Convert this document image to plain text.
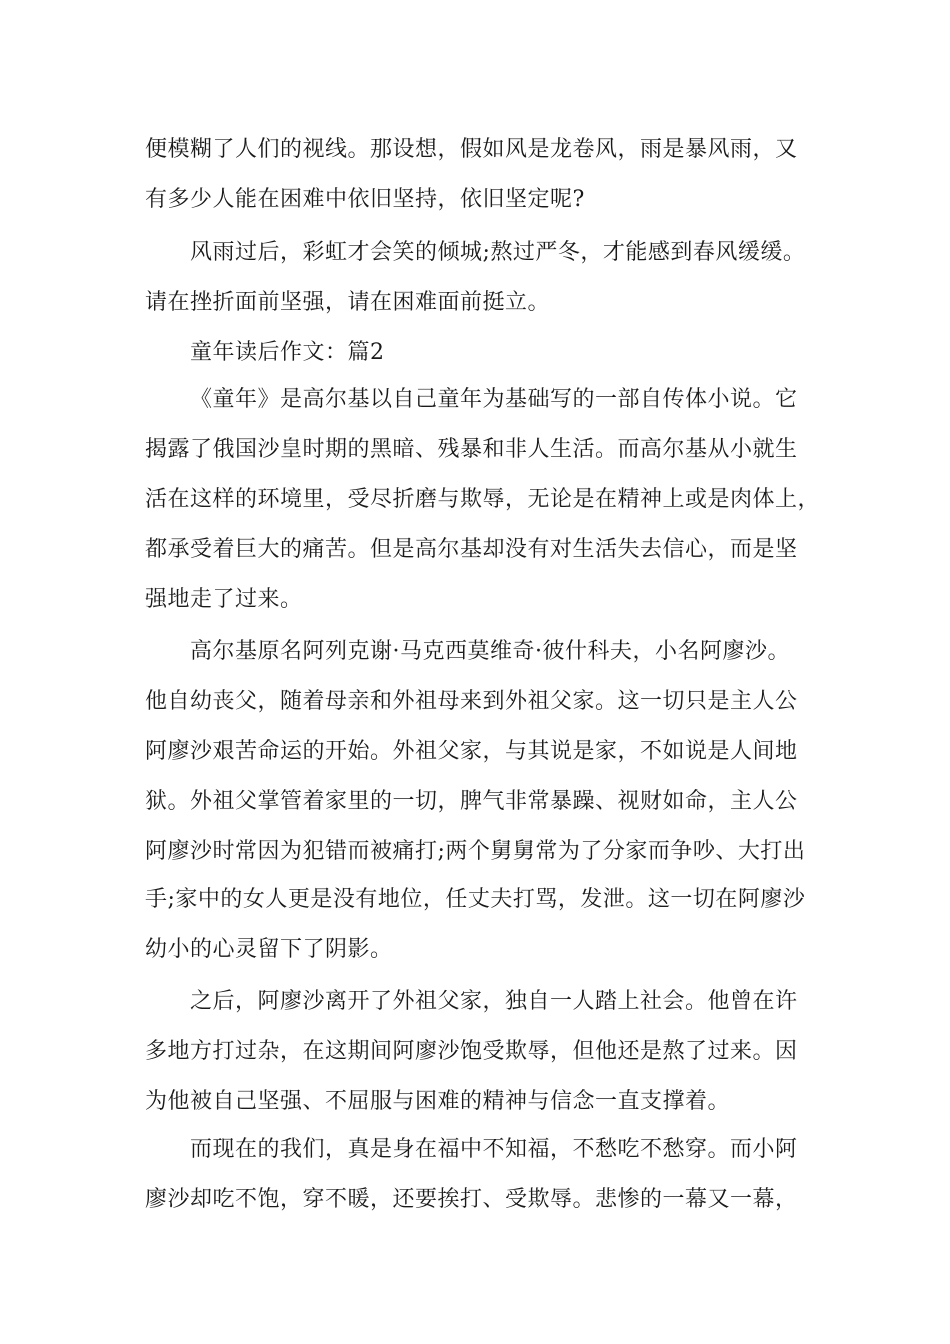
便模糊了人们的视线。那设想，假如风是龙卷风，雨是暴风雨，又
有多少人能在困难中依旧坚持，依旧坚定呢?
风雨过后，彩虹才会笑的倾城;熬过严冬，才能感到春风缓缓。
请在挫折面前坚强，请在困难面前挺立。
童年读后作文：篇2
《童年》是高尔基以自己童年为基础写的一部自传体小说。它
揭露了俄国沙皇时期的黑暗、残暴和非人生活。而高尔基从小就生
活在这样的环境里，受尽折磨与欺辱，无论是在精神上或是肉体上，
都承受着巨大的痛苦。但是高尔基却没有对生活失去信心，而是坚
强地走了过来。
高尔基原名阿列克谢·马克西莫维奇·彼什科夫，小名阿廖沙。
他自幼丧父，随着母亲和外祖母来到外祖父家。这一切只是主人公
阿廖沙艰苦命运的开始。外祖父家，与其说是家，不如说是人间地
狱。外祖父掌管着家里的一切，脾气非常暴躁、视财如命，主人公
阿廖沙时常因为犯错而被痛打;两个舅舅常为了分家而争吵、大打出
手;家中的女人更是没有地位，任丈夫打骂，发泄。这一切在阿廖沙
幼小的心灵留下了阴影。
之后，阿廖沙离开了外祖父家，独自一人踏上社会。他曾在许
多地方打过杂，在这期间阿廖沙饱受欺辱，但他还是熬了过来。因
为他被自己坚强、不屈服与困难的精神与信念一直支撑着。
而现在的我们，真是身在福中不知福，不愁吃不愁穿。而小阿
廖沙却吃不饱，穿不暖，还要挨打、受欺辱。悲惨的一幕又一幕，
